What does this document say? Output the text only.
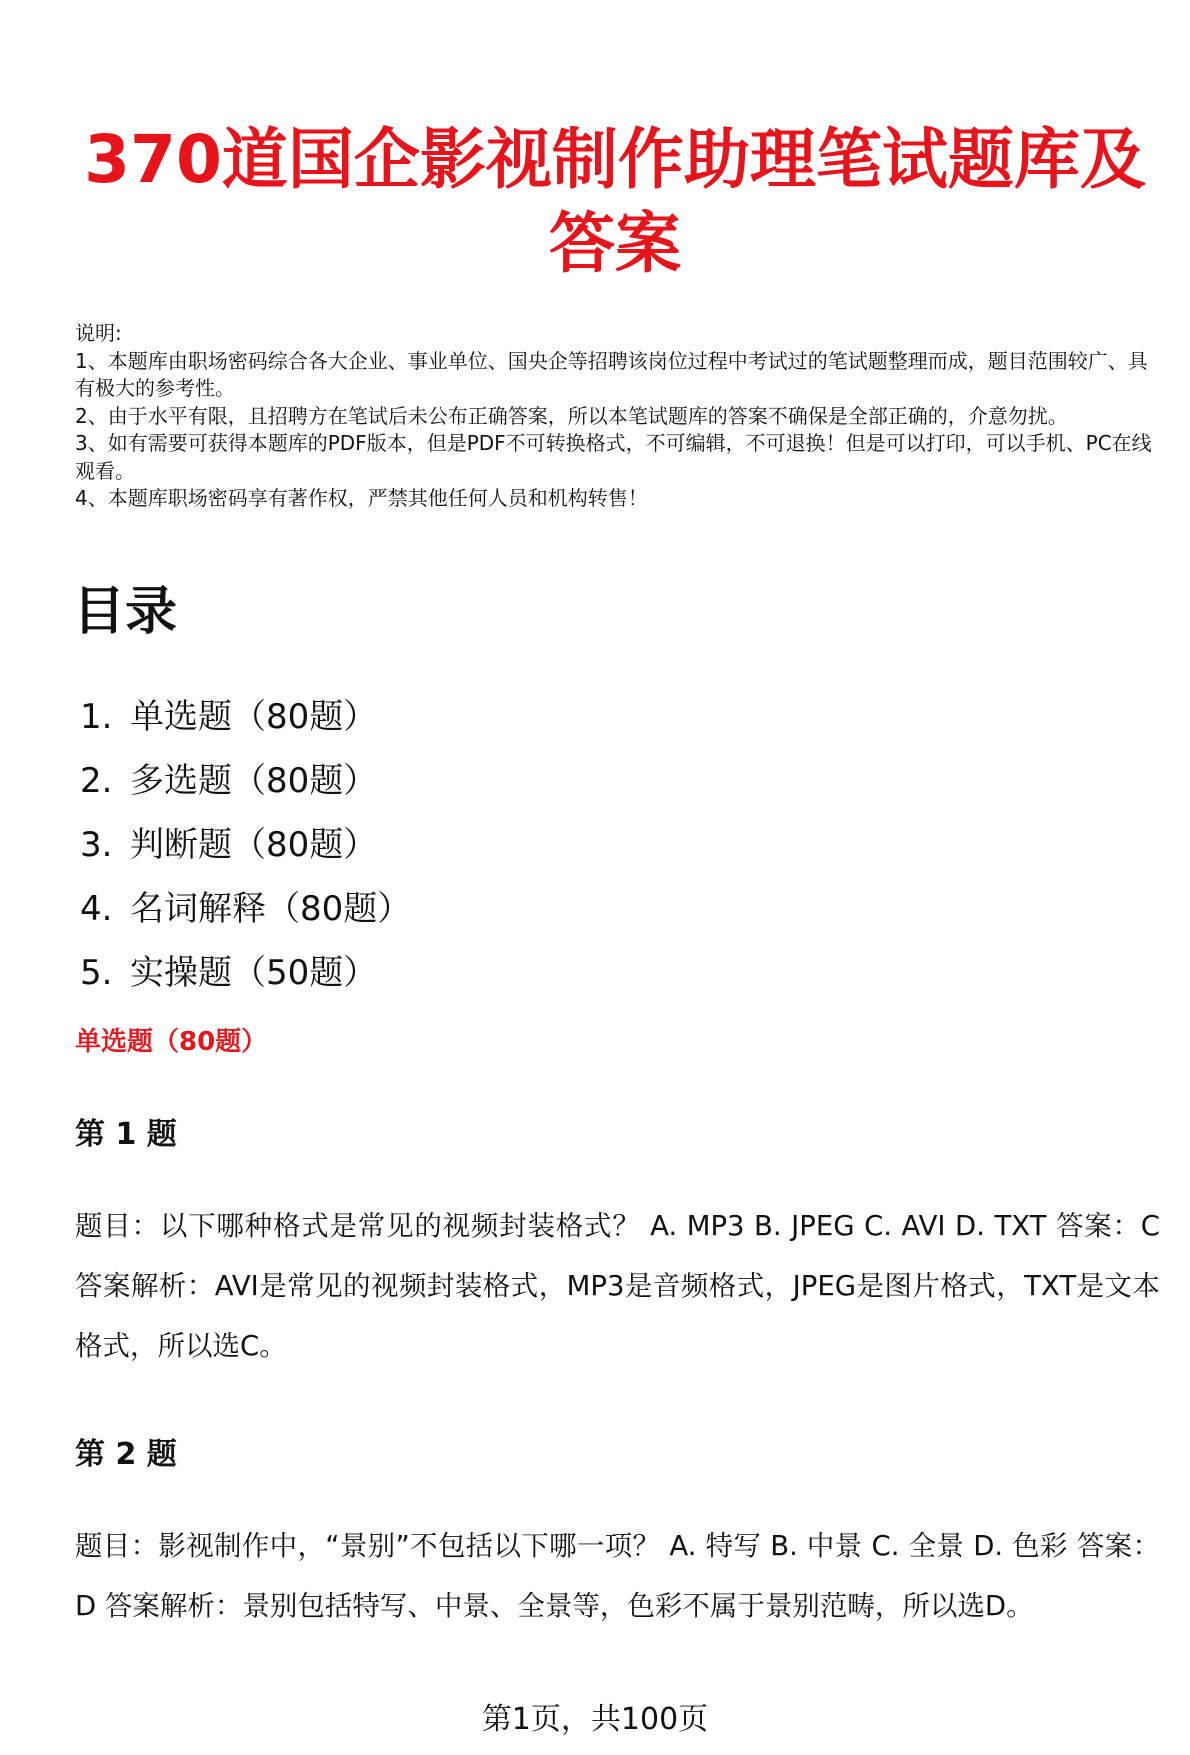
370道国企影视制作助理笔试题库及答案

说明:

1、本题库由职场密码综合各大企业、事业单位、国央企等招聘该岗位过程中考试过的笔试题整理而成，题目范围较广、具有极大的参考性。

2、由于水平有限，且招聘方在笔试后未公布正确答案，所以本笔试题库的答案不确保是全部正确的，介意勿扰。

3、如有需要可获得本题库的PDF版本，但是PDF不可转换格式，不可编辑，不可退换！但是可以打印，可以手机、PC在线观看。

4、本题库职场密码享有著作权，严禁其他任何人员和机构转售！

目录
1. 单选题（80题）
2. 多选题（80题）
3. 判断题（80题）
4. 名词解释（80题）
5. 实操题（50题）
单选题（80题）
第 1 题

题目：以下哪种格式是常见的视频封装格式？ A. MP3 B. JPEG C. AVI D. TXT 答案：C 答案解析：AVI是常见的视频封装格式，MP3是音频格式，JPEG是图片格式，TXT是文本格式，所以选C。

第 2 题

题目：影视制作中，“景别”不包括以下哪一项？ A. 特写 B. 中景 C. 全景 D. 色彩 答案：D 答案解析：景别包括特写、中景、全景等，色彩不属于景别范畴，所以选D。

第1页，共100页
